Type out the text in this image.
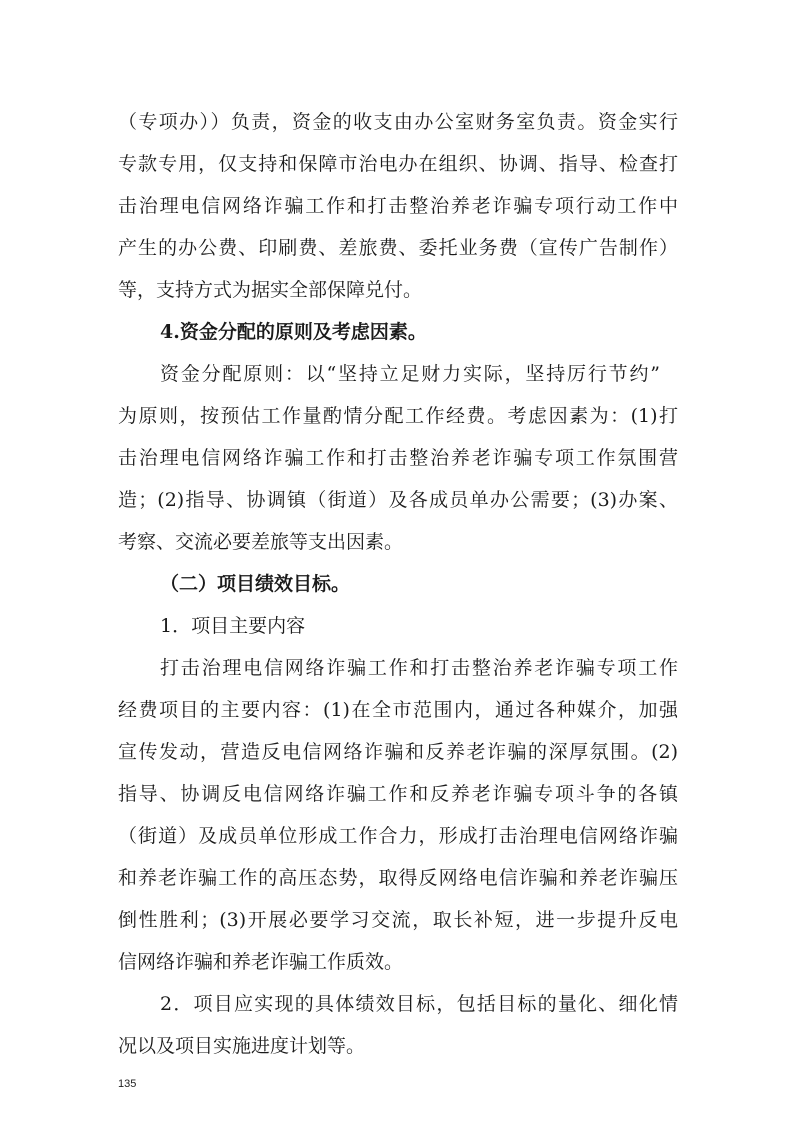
（专项办））负责，资金的收支由办公室财务室负责。资金实行
专款专用，仅支持和保障市治电办在组织、协调、指导、检查打
击治理电信网络诈骗工作和打击整治养老诈骗专项行动工作中
产生的办公费、印刷费、差旅费、委托业务费（宣传广告制作）
等，支持方式为据实全部保障兑付。
4.资金分配的原则及考虑因素。
资金分配原则：以“坚持立足财力实际，坚持厉行节约”
为原则，按预估工作量酌情分配工作经费。考虑因素为：(1)打
击治理电信网络诈骗工作和打击整治养老诈骗专项工作氛围营
造；(2)指导、协调镇（街道）及各成员单办公需要；(3)办案、
考察、交流必要差旅等支出因素。
（二）项目绩效目标。
1．项目主要内容
打击治理电信网络诈骗工作和打击整治养老诈骗专项工作
经费项目的主要内容：(1)在全市范围内，通过各种媒介，加强
宣传发动，营造反电信网络诈骗和反养老诈骗的深厚氛围。(2)
指导、协调反电信网络诈骗工作和反养老诈骗专项斗争的各镇
（街道）及成员单位形成工作合力，形成打击治理电信网络诈骗
和养老诈骗工作的高压态势，取得反网络电信诈骗和养老诈骗压
倒性胜利；(3)开展必要学习交流，取长补短，进一步提升反电
信网络诈骗和养老诈骗工作质效。
2．项目应实现的具体绩效目标，包括目标的量化、细化情
况以及项目实施进度计划等。
135
